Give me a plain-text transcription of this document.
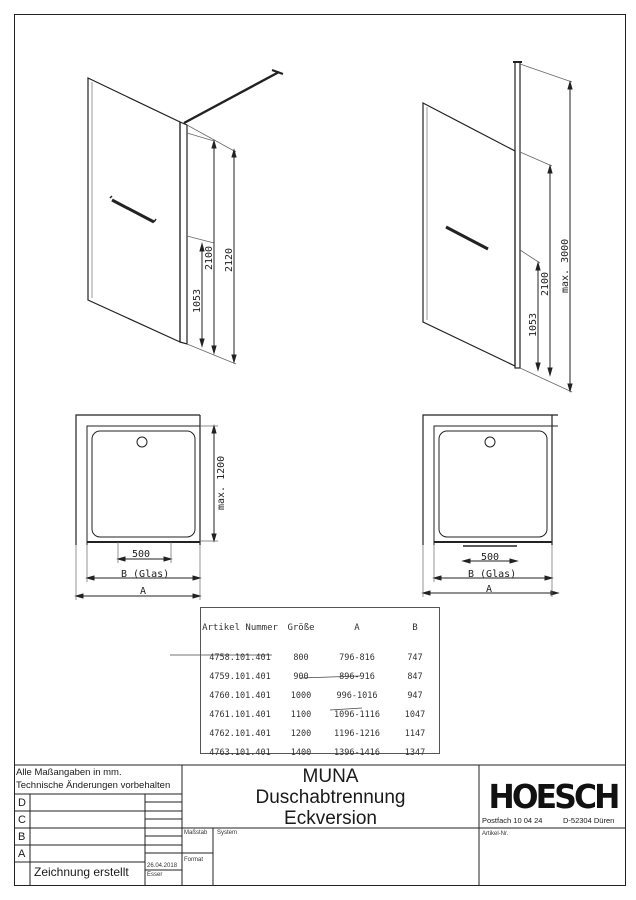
2100 2120
1053
2100 max. 3000
1053
max. 1200
500
B (Glas)
A
500
B (Glas)
A
Artikel Nummer	Größe	A	B
4758.101.401	800	796-816	747
4759.101.401	900	896-916	847
4760.101.401	1000	996-1016	947
4761.101.401	1100	1096-1116	1047
4762.101.401	1200	1196-1216	1147
4763.101.401	1400	1396-1416	1347
Alle Maßangaben in mm.
Technische Änderungen vorbehalten
D
C
B
A
Zeichnung erstellt	26.04.2018
Esser
Maßstab System
Format
MUNA
Duschabtrennung
Eckversion
HOESCH
Postfach 10 04 24	D-52304 Düren
Artikel-Nr.
